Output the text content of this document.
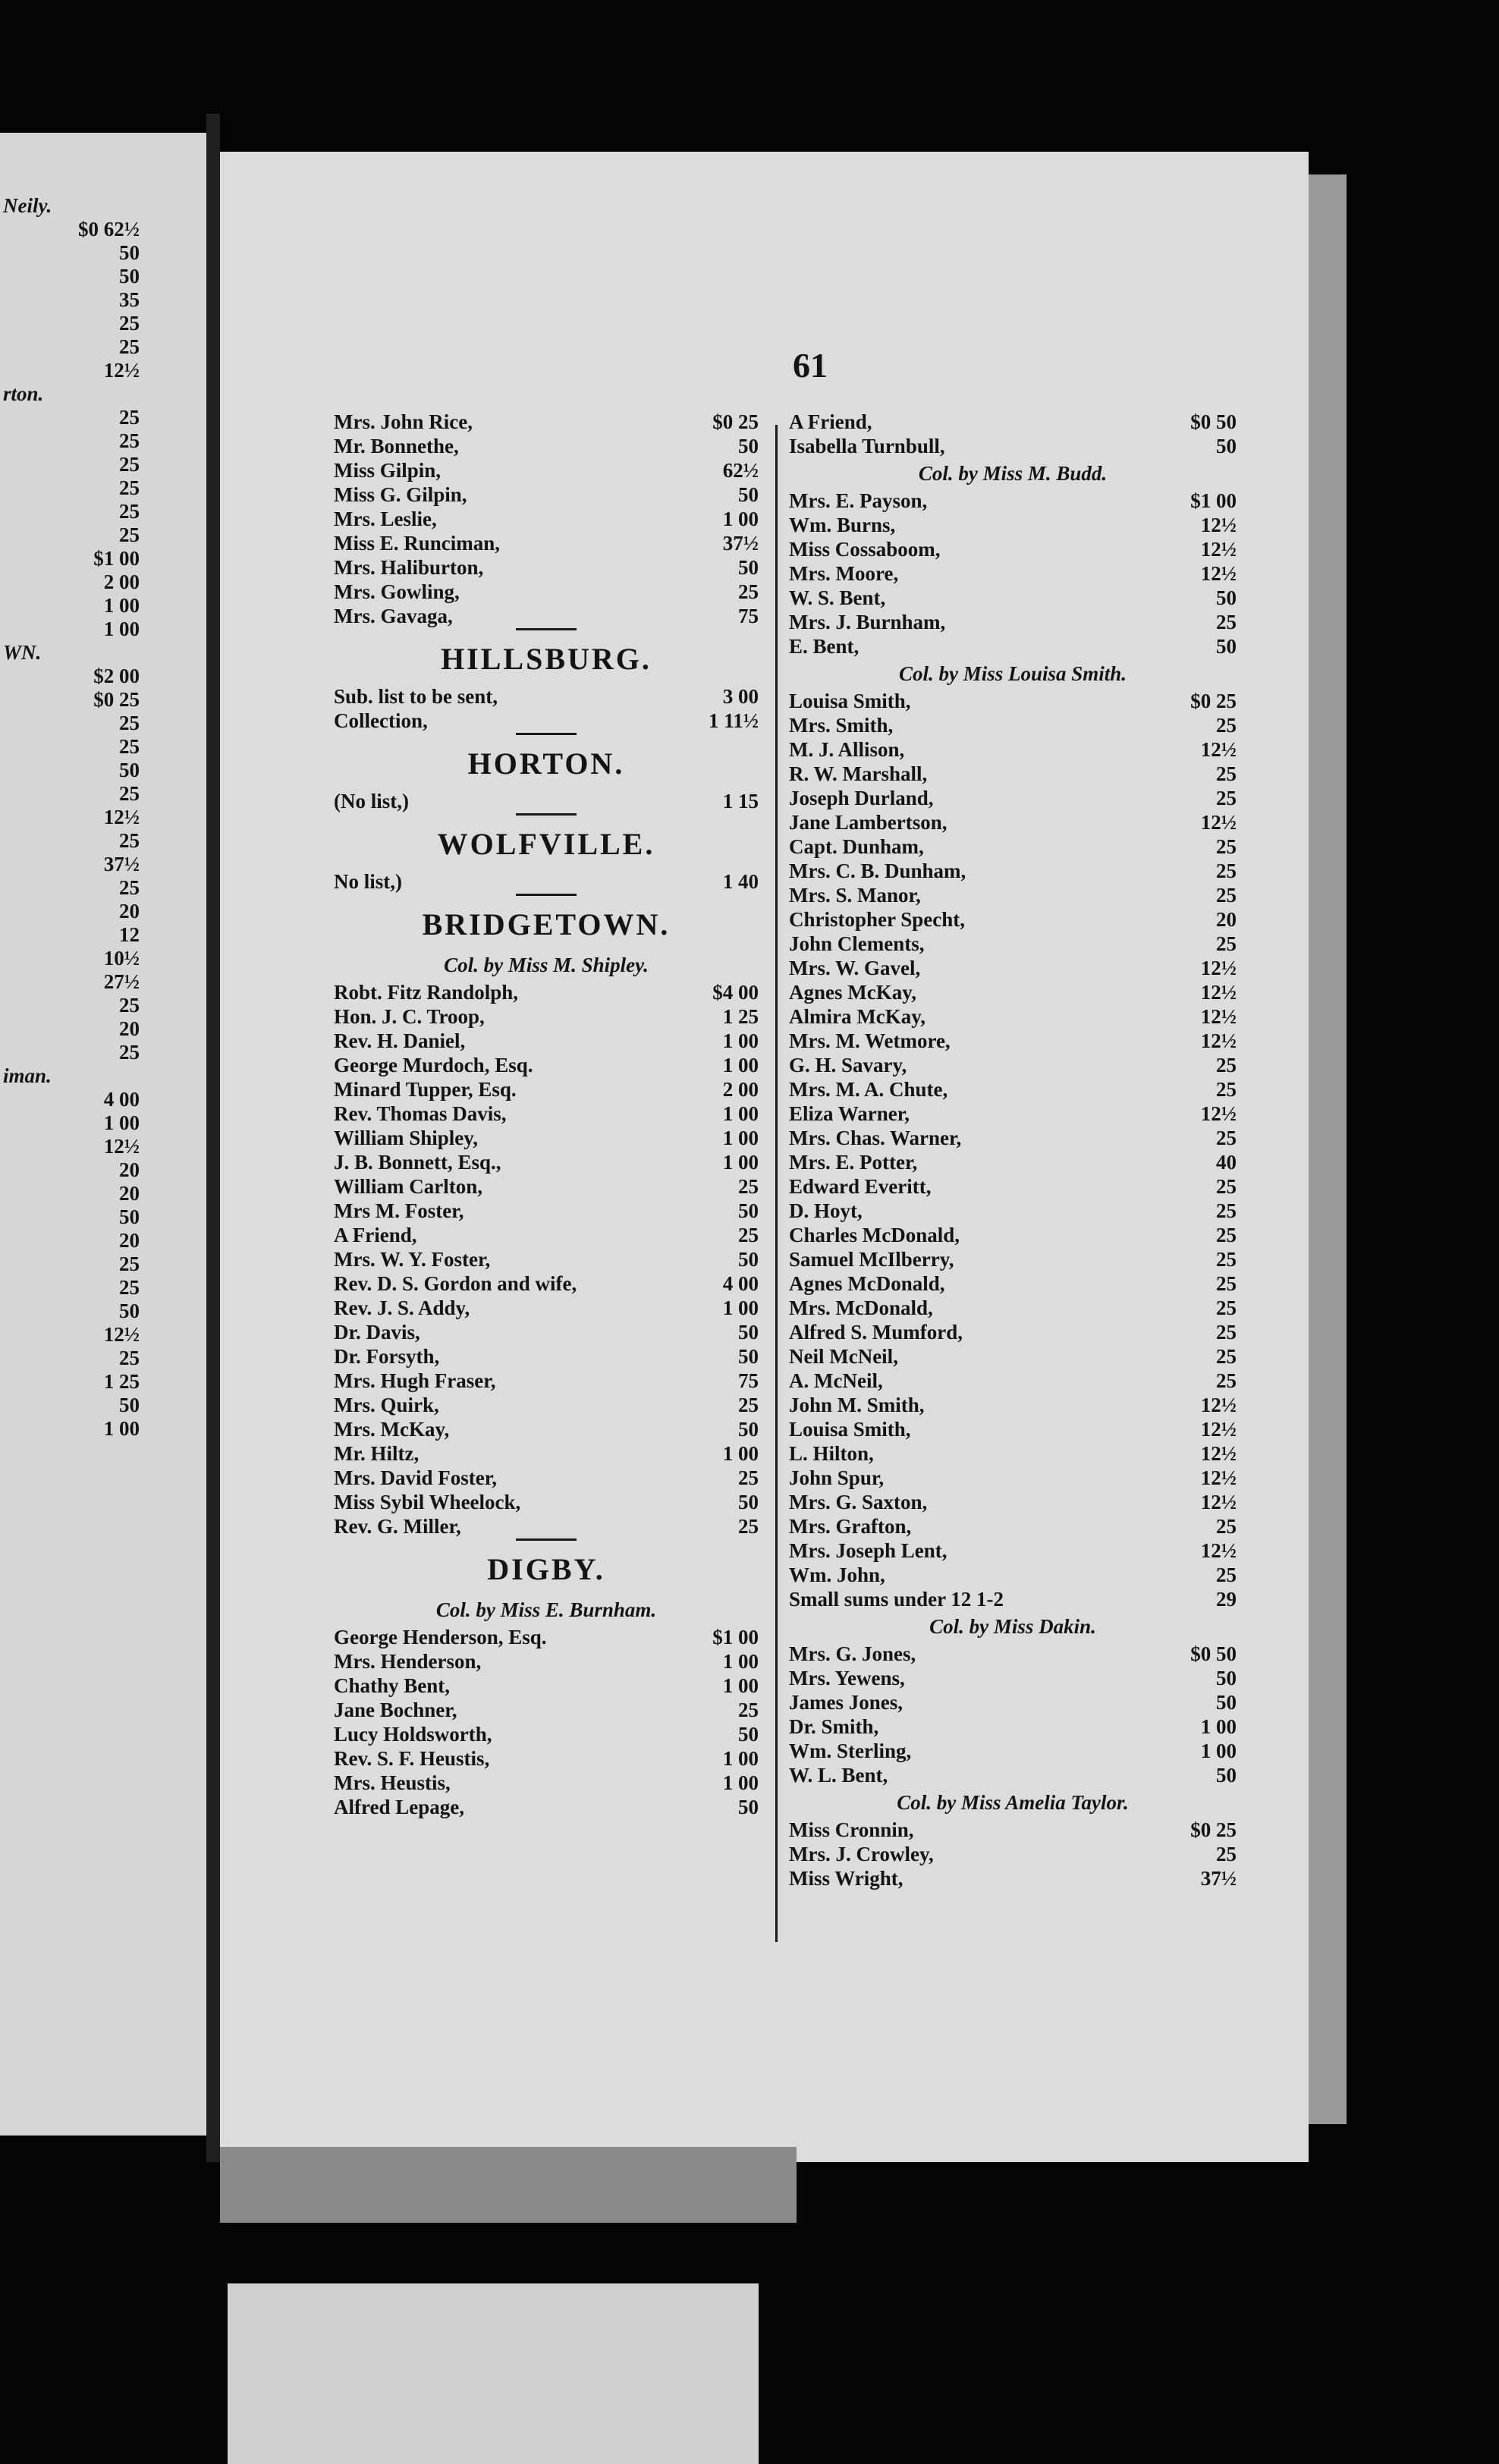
Neily.
$0 62½
50
50
35
25
25
12½
rton.
25
25
25
25
25
25
$1 00
2 00
1 00
1 00
WN.
$2 00
$0 25
25
25
50
25
12½
25
37½
25
20
12
10½
27½
25
20
25
iman.
4 00
1 00
12½
20
20
50
20
25
25
50
12½
25
1 25
50
1 00
61
Mrs. John Rice,	$0 25
Mr. Bonnethe,	50
Miss Gilpin,	62½
Miss G. Gilpin,	50
Mrs. Leslie,	1 00
Miss E. Runciman,	37½
Mrs. Haliburton,	50
Mrs. Gowling,	25
Mrs. Gavaga,	75
HILLSBURG.
Sub. list to be sent,	3 00
Collection,	1 11½
HORTON.
(No list,)	1 15
WOLFVILLE.
No list,)	1 40
BRIDGETOWN.
Col. by Miss M. Shipley.
Robt. Fitz Randolph,	$4 00
Hon. J. C. Troop,	1 25
Rev. H. Daniel,	1 00
George Murdoch, Esq.	1 00
Minard Tupper, Esq.	2 00
Rev. Thomas Davis,	1 00
William Shipley,	1 00
J. B. Bonnett, Esq.,	1 00
William Carlton,	25
Mrs M. Foster,	50
A Friend,	25
Mrs. W. Y. Foster,	50
Rev. D. S. Gordon and wife,	4 00
Rev. J. S. Addy,	1 00
Dr. Davis,	50
Dr. Forsyth,	50
Mrs. Hugh Fraser,	75
Mrs. Quirk,	25
Mrs. McKay,	50
Mr. Hiltz,	1 00
Mrs. David Foster,	25
Miss Sybil Wheelock,	50
Rev. G. Miller,	25
DIGBY.
Col. by Miss E. Burnham.
George Henderson, Esq.	$1 00
Mrs. Henderson,	1 00
Chathy Bent,	1 00
Jane Bochner,	25
Lucy Holdsworth,	50
Rev. S. F. Heustis,	1 00
Mrs. Heustis,	1 00
Alfred Lepage,	50
A Friend,	$0 50
Isabella Turnbull,	50
Col. by Miss M. Budd.
Mrs. E. Payson,	$1 00
Wm. Burns,	12½
Miss Cossaboom,	12½
Mrs. Moore,	12½
W. S. Bent,	50
Mrs. J. Burnham,	25
E. Bent,	50
Col. by Miss Louisa Smith.
Louisa Smith,	$0 25
Mrs. Smith,	25
M. J. Allison,	12½
R. W. Marshall,	25
Joseph Durland,	25
Jane Lambertson,	12½
Capt. Dunham,	25
Mrs. C. B. Dunham,	25
Mrs. S. Manor,	25
Christopher Specht,	20
John Clements,	25
Mrs. W. Gavel,	12½
Agnes McKay,	12½
Almira McKay,	12½
Mrs. M. Wetmore,	12½
G. H. Savary,	25
Mrs. M. A. Chute,	25
Eliza Warner,	12½
Mrs. Chas. Warner,	25
Mrs. E. Potter,	40
Edward Everitt,	25
D. Hoyt,	25
Charles McDonald,	25
Samuel McIlberry,	25
Agnes McDonald,	25
Mrs. McDonald,	25
Alfred S. Mumford,	25
Neil McNeil,	25
A. McNeil,	25
John M. Smith,	12½
Louisa Smith,	12½
L. Hilton,	12½
John Spur,	12½
Mrs. G. Saxton,	12½
Mrs. Grafton,	25
Mrs. Joseph Lent,	12½
Wm. John,	25
Small sums under 12 1-2	29
Col. by Miss Dakin.
Mrs. G. Jones,	$0 50
Mrs. Yewens,	50
James Jones,	50
Dr. Smith,	1 00
Wm. Sterling,	1 00
W. L. Bent,	50
Col. by Miss Amelia Taylor.
Miss Cronnin,	$0 25
Mrs. J. Crowley,	25
Miss Wright,	37½
